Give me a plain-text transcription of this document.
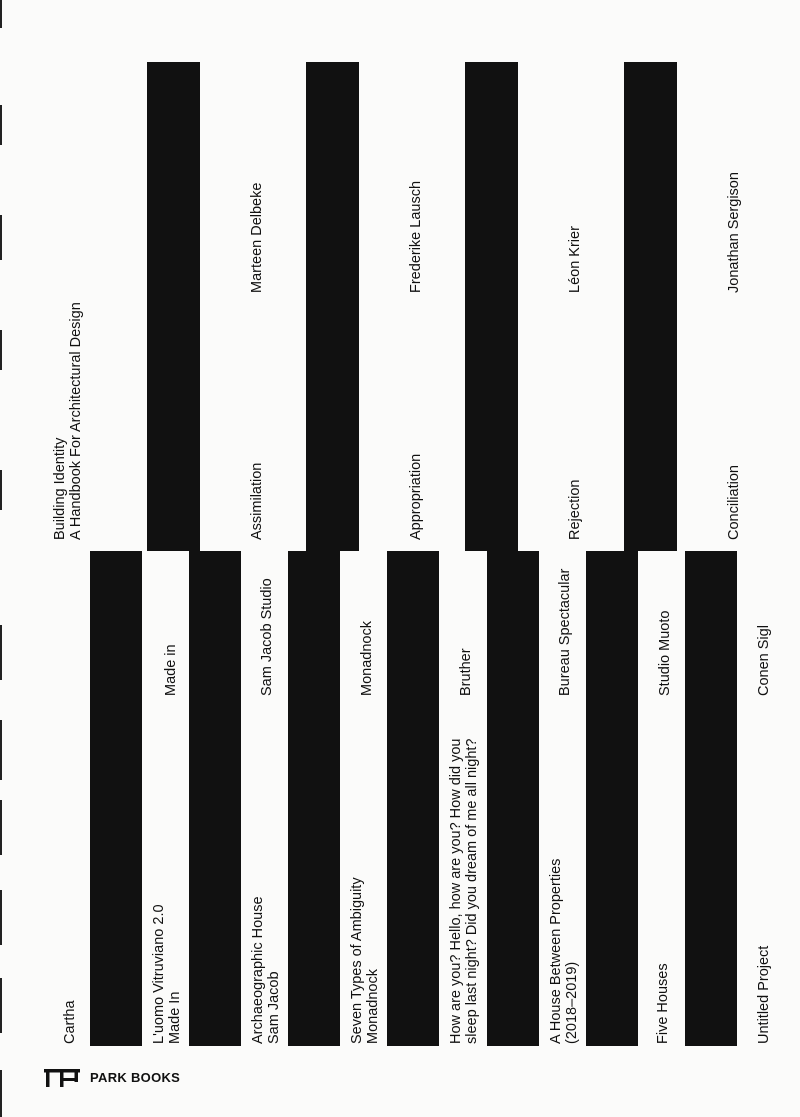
Cartha
Building Identity A Handbook For Architectural Design
L'uomo Vitruviano 2.0
Made In	Archaeographic House
Sam Jacob
Seven Types of Ambiguity
Monadnock	How are you? Hello, how are you? How did you
sleep last night? Did you dream of me all night?
A House Between Properties
(2018–2019)	Five Houses	Untitled Project
Made in	Sam Jacob Studio	Monadnock	Bruther	Bureau Spectacular	Studio Muoto	Conen Sigl
Assimilation	Appropriation	Rejection	Conciliation
Marteen Delbeke	Frederike Lausch	Léon Krier	Jonathan Sergison
PARK BOOKS
